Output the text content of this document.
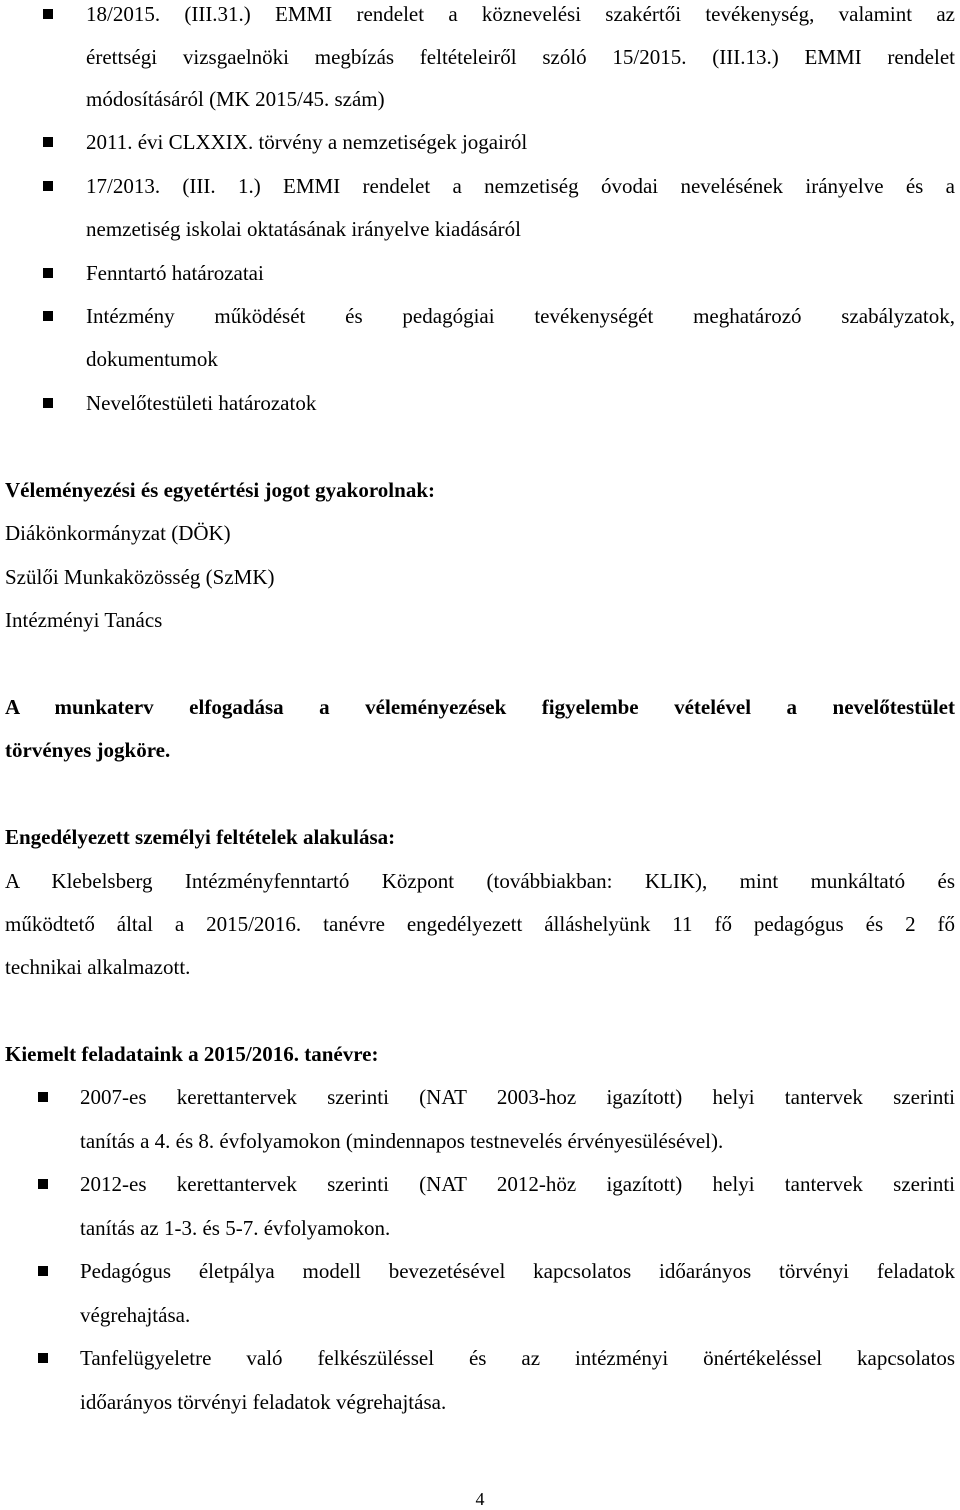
18/2015. (III.31.) EMMI rendelet a köznevelési szakértői tevékenység, valamint az
érettségi vizsgaelnöki megbízás feltételeiről szóló 15/2015. (III.13.) EMMI rendelet
módosításáról (MK 2015/45. szám)
2011. évi CLXXIX. törvény a nemzetiségek jogairól
17/2013. (III. 1.) EMMI rendelet a nemzetiség óvodai nevelésének irányelve és a
nemzetiség iskolai oktatásának irányelve kiadásáról
Fenntartó határozatai
Intézmény működését és pedagógiai tevékenységét meghatározó szabályzatok,
dokumentumok
Nevelőtestületi határozatok
Véleményezési és egyetértési jogot gyakorolnak:
Diákönkormányzat (DÖK)
Szülői Munkaközösség (SzMK)
Intézményi Tanács
A munkaterv elfogadása a véleményezések figyelembe vételével a nevelőtestület
törvényes jogköre.
Engedélyezett személyi feltételek alakulása:
A Klebelsberg Intézményfenntartó Központ (továbbiakban: KLIK), mint munkáltató és
működtető által a 2015/2016. tanévre engedélyezett álláshelyünk 11 fő pedagógus és 2 fő
technikai alkalmazott.
Kiemelt feladataink a 2015/2016. tanévre:
2007-es kerettantervek szerinti (NAT 2003-hoz igazított) helyi tantervek szerinti
tanítás a 4. és 8. évfolyamokon (mindennapos testnevelés érvényesülésével).
2012-es kerettantervek szerinti (NAT 2012-höz igazított) helyi tantervek szerinti
tanítás az 1-3. és 5-7. évfolyamokon.
Pedagógus életpálya modell bevezetésével kapcsolatos időarányos törvényi feladatok
végrehajtása.
Tanfelügyeletre való felkészüléssel és az intézményi önértékeléssel kapcsolatos
időarányos törvényi feladatok végrehajtása.
4
